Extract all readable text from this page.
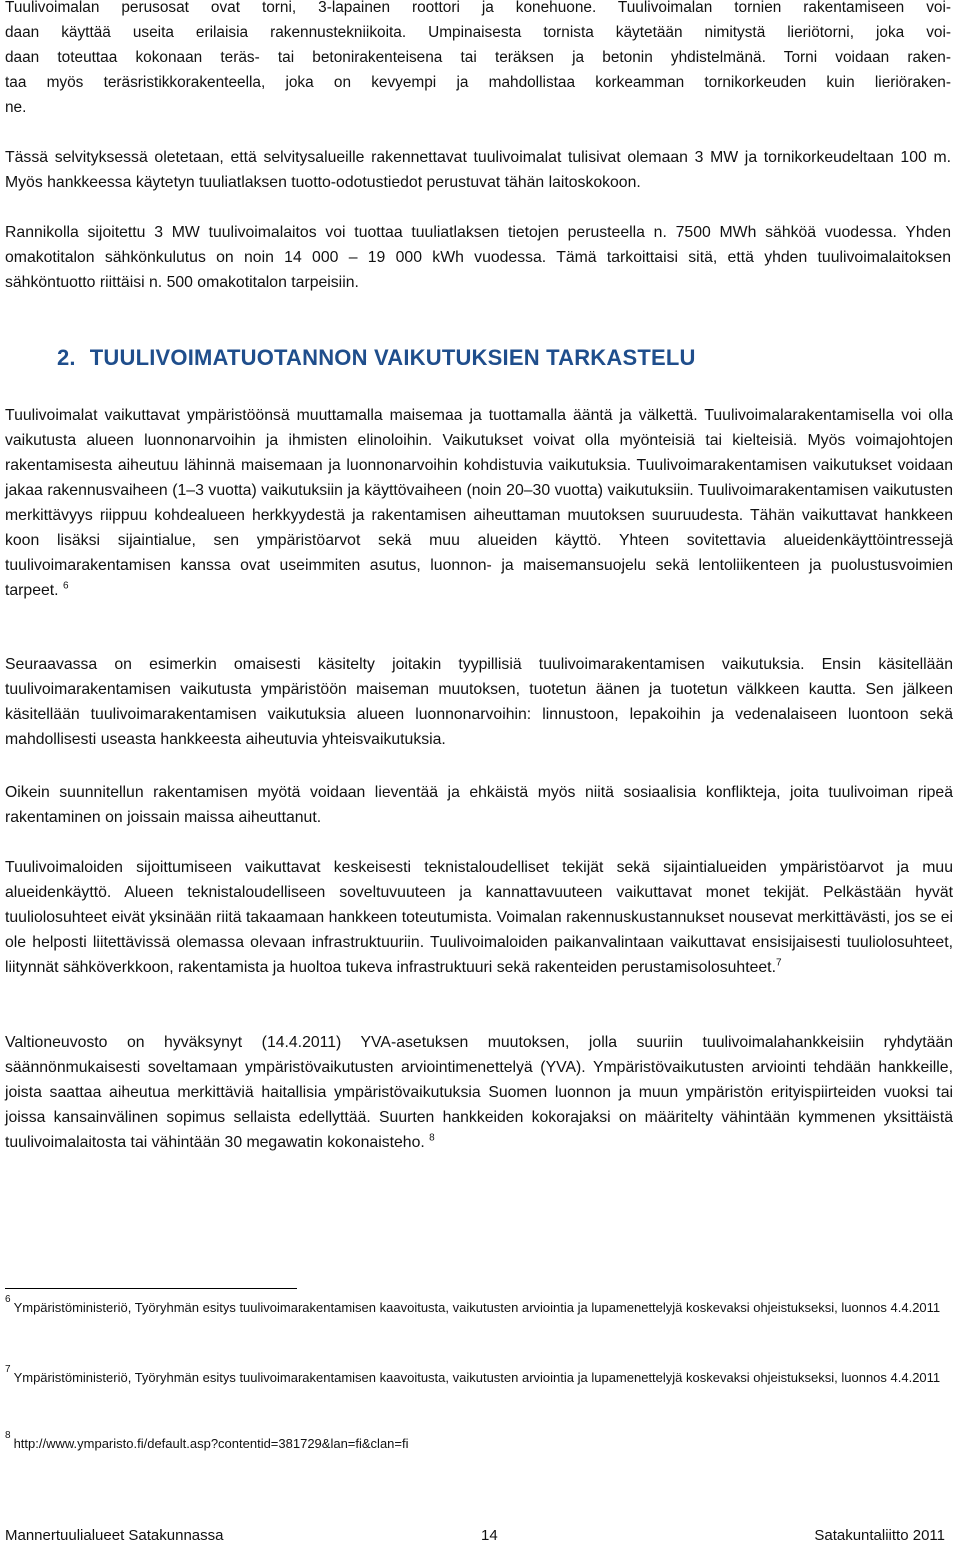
Tuulivoimalan perusosat ovat torni, 3-lapainen roottori ja konehuone. Tuulivoimalan tornien rakentamiseen voi-

daan käyttää useita erilaisia rakennustekniikoita. Umpinaisesta tornista käytetään nimitystä lieriötorni, joka voi-

daan toteuttaa kokonaan teräs- tai betonirakenteisena tai teräksen ja betonin yhdistelmänä. Torni voidaan raken-

taa myös teräsristikkorakenteella, joka on kevyempi ja mahdollistaa korkeamman tornikorkeuden kuin lieriöraken-

ne.

Tässä selvityksessä oletetaan, että selvitysalueille rakennettavat tuulivoimalat tulisivat olemaan 3 MW ja tornikorkeudeltaan 100 m. Myös hankkeessa käytetyn tuuliatlaksen tuotto-odotustiedot perustuvat tähän laitoskokoon.

Rannikolla sijoitettu 3 MW tuulivoimalaitos voi tuottaa tuuliatlaksen tietojen perusteella n. 7500 MWh sähköä vuodessa. Yhden omakotitalon sähkönkulutus on noin 14 000 – 19 000 kWh vuodessa. Tämä tarkoittaisi sitä, että yhden tuulivoimalaitoksen sähköntuotto riittäisi n. 500 omakotitalon tarpeisiin.

2. TUULIVOIMATUOTANNON VAIKUTUKSIEN TARKASTELU

Tuulivoimalat vaikuttavat ympäristöönsä muuttamalla maisemaa ja tuottamalla ääntä ja välkettä. Tuulivoimalarakentamisella voi olla vaikutusta alueen luonnonarvoihin ja ihmisten elinoloihin. Vaikutukset voivat olla myönteisiä tai kielteisiä. Myös voimajohtojen rakentamisesta aiheutuu lähinnä maisemaan ja luonnonarvoihin kohdistuvia vaikutuksia. Tuulivoimarakentamisen vaikutukset voidaan jakaa rakennusvaiheen (1–3 vuotta) vaikutuksiin ja käyttövaiheen (noin 20–30 vuotta) vaikutuksiin. Tuulivoimarakentamisen vaikutusten merkittävyys riippuu kohdealueen herkkyydestä ja rakentamisen aiheuttaman muutoksen suuruudesta. Tähän vaikuttavat hankkeen koon lisäksi sijaintialue, sen ympäristöarvot sekä muu alueiden käyttö. Yhteen sovitettavia alueidenkäyttöintressejä tuulivoimarakentamisen kanssa ovat useimmiten asutus, luonnon- ja maisemansuojelu sekä lentoliikenteen ja puolustusvoimien tarpeet. $^6$

Seuraavassa on esimerkin omaisesti käsitelty joitakin tyypillisiä tuulivoimarakentamisen vaikutuksia. Ensin käsitellään tuulivoimarakentamisen vaikutusta ympäristöön maiseman muutoksen, tuotetun äänen ja tuotetun välkkeen kautta. Sen jälkeen käsitellään tuulivoimarakentamisen vaikutuksia alueen luonnonarvoihin: linnustoon, lepakoihin ja vedenalaiseen luontoon sekä mahdollisesti useasta hankkeesta aiheutuvia yhteisvaikutuksia.

Oikein suunnitellun rakentamisen myötä voidaan lieventää ja ehkäistä myös niitä sosiaalisia konflikteja, joita tuulivoiman ripeä rakentaminen on joissain maissa aiheuttanut.

Tuulivoimaloiden sijoittumiseen vaikuttavat keskeisesti teknistaloudelliset tekijät sekä sijaintialueiden ympäristöarvot ja muu alueidenkäyttö. Alueen teknistaloudelliseen soveltuvuuteen ja kannattavuuteen vaikuttavat monet tekijät. Pelkästään hyvät tuuliolosuhteet eivät yksinään riitä takaamaan hankkeen toteutumista. Voimalan rakennuskustannukset nousevat merkittävästi, jos se ei ole helposti liitettävissä olemassa olevaan infrastruktuuriin. Tuulivoimaloiden paikanvalintaan vaikuttavat ensisijaisesti tuuliolosuhteet, liitynnät sähköverkkoon, rakentamista ja huoltoa tukeva infrastruktuuri sekä rakenteiden perustamisolosuhteet.$^7$

Valtioneuvosto on hyväksynyt (14.4.2011) YVA-asetuksen muutoksen, jolla suuriin tuulivoimalahankkeisiin ryhdytään säännönmukaisesti soveltamaan ympäristövaikutusten arviointimenettelyä (YVA). Ympäristövaikutusten arviointi tehdään hankkeille, joista saattaa aiheutua merkittäviä haitallisia ympäristövaikutuksia Suomen luonnon ja muun ympäristön erityispiirteiden vuoksi tai joissa kansainvälinen sopimus sellaista edellyttää. Suurten hankkeiden kokorajaksi on määritelty vähintään kymmenen yksittäistä tuulivoimalaitosta tai vähintään 30 megawatin kokonaisteho. $^8$

$^6$Ympäristöministeriö, Työryhmän esitys tuulivoimarakentamisen kaavoitusta, vaikutusten arviointia ja lupamenettelyjä koskevaksi ohjeistukseksi, luonnos 4.4.2011

$^7$Ympäristöministeriö, Työryhmän esitys tuulivoimarakentamisen kaavoitusta, vaikutusten arviointia ja lupamenettelyjä koskevaksi ohjeistukseksi, luonnos 4.4.2011

$^8$http://www.ymparisto.fi/default.asp?contentid=381729&lan=fi&clan=fi

Mannertuulialueet Satakunnassa	14	Satakuntaliitto 2011
